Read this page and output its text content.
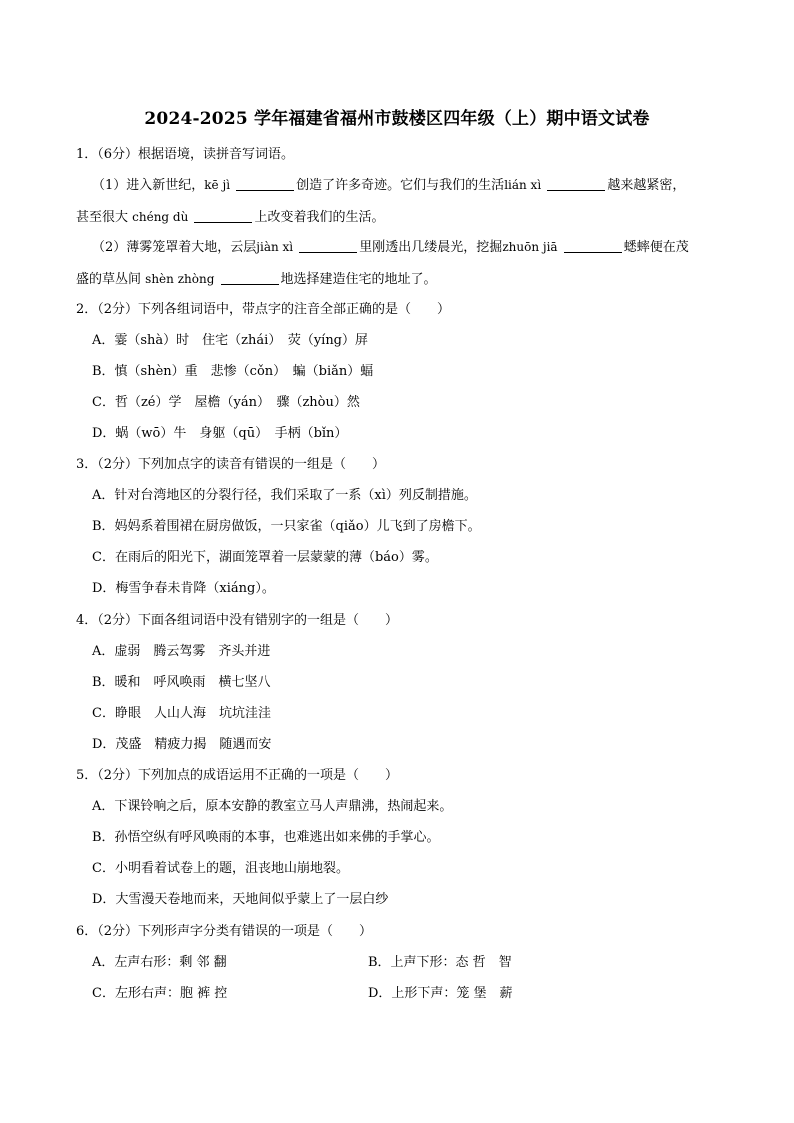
2024-2025 学年福建省福州市鼓楼区四年级（上）期中语文试卷
1．（6分）根据语境，读拼音写词语。
（1）进入新世纪，kē jì	创造了许多奇迹。它们与我们的生活lián xì	越来越紧密，
甚至很大 chéng dù	上改变着我们的生活。
（2）薄雾笼罩着大地，云层jiàn xì	里刚透出几缕晨光，挖掘zhuōn jiā	蟋蟀便在茂
盛的草丛间 shèn zhòng	地选择建造住宅的地址了。
2．（2分）下列各组词语中，带点字的注音全部正确的是（　　）
A．霎（shà）时　住宅（zhái）　荧（yíng）屏
B．慎（shèn）重　悲惨（cǒn）　蝙（biǎn）蝠
C．哲（zé）学　屋檐（yán）　骤（zhòu）然
D．蜗（wō）牛　身躯（qū）　手柄（bǐn）
3．（2分）下列加点字的读音有错误的一组是（　　）
A．针对台湾地区的分裂行径，我们采取了一系（xì）列反制措施。
B．妈妈系着围裙在厨房做饭，一只家雀（qiǎo）儿飞到了房檐下。
C．在雨后的阳光下，湖面笼罩着一层蒙蒙的薄（báo）雾。
D．梅雪争春未肯降（xiáng）。
4．（2分）下面各组词语中没有错别字的一组是（　　）
A．虚弱　腾云驾雾　齐头并进
B．暖和　呼风唤雨　横七坚八
C．睁眼　人山人海　坑坑洼洼
D．茂盛　精疲力揭　随遇而安
5．（2分）下列加点的成语运用不正确的一项是（　　）
A．下课铃响之后，原本安静的教室立马人声鼎沸，热闹起来。
B．孙悟空纵有呼风唤雨的本事，也难逃出如来佛的手掌心。
C．小明看着试卷上的题，沮丧地山崩地裂。
D．大雪漫天卷地而来，天地间似乎蒙上了一层白纱
6．（2分）下列形声字分类有错误的一项是（　　）
A．左声右形：剩 邻 翻	B．上声下形：态 哲　智
C．左形右声：胞 裤 控	D．上形下声：笼 堡　薪
